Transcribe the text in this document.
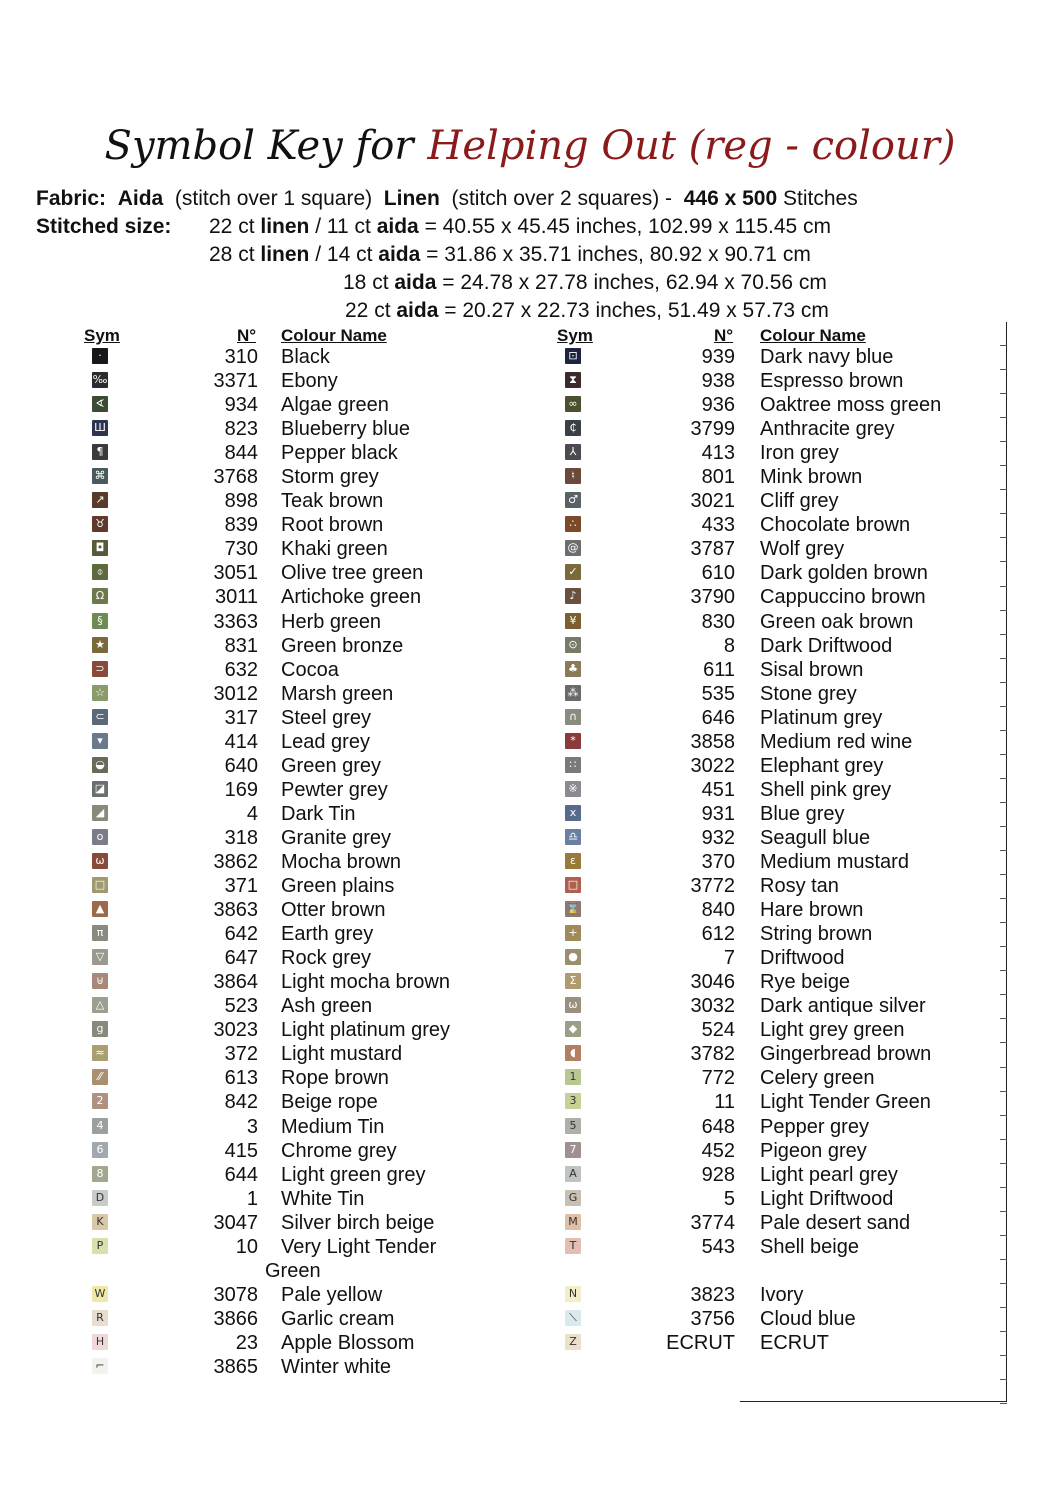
Symbol Key for Helping Out (reg - colour)
Fabric: Aida (stitch over 1 square) Linen (stitch over 2 squares) - 446 x 500 Stitches
Stitched size: 22 ct linen / 11 ct aida = 40.55 x 45.45 inches, 102.99 x 115.45 cm
28 ct linen / 14 ct aida = 31.86 x 35.71 inches, 80.92 x 90.71 cm
18 ct aida = 24.78 x 27.78 inches, 62.94 x 70.56 cm
22 ct aida = 20.27 x 22.73 inches, 51.49 x 57.73 cm
Sym	N° Colour Name	Sym	N° Colour Name
·	310 Black
‰	3371 Ebony
∢	934 Algae green
Ш	823 Blueberry blue
¶	844 Pepper black
⌘	3768 Storm grey
↗	898 Teak brown
♉	839 Root brown
◘	730 Khaki green
⌽	3051 Olive tree green
Ω	3011 Artichoke green
§	3363 Herb green
★	831 Green bronze
⊃	632 Cocoa
☆	3012 Marsh green
⊂	317 Steel grey
▾	414 Lead grey
◒	640 Green grey
◪	169 Pewter grey
◢	4 Dark Tin
o	318 Granite grey
ω	3862 Mocha brown
□	371 Green plains
▲	3863 Otter brown
π	642 Earth grey
▽	647 Rock grey
⊎	3864 Light mocha brown
△	523 Ash green
g	3023 Light platinum grey
≈	372 Light mustard
⁄⁄	613 Rope brown
2	842 Beige rope
4	3 Medium Tin
6	415 Chrome grey
8	644 Light green grey
D	1 White Tin
K	3047 Silver birch beige
P	10 Very Light Tender
Green
W	3078 Pale yellow
R	3866 Garlic cream
H	23 Apple Blossom
⌐	3865 Winter white
⊡	939 Dark navy blue
⧗	938 Espresso brown
∞	936 Oaktree moss green
₵	3799 Anthracite grey
⅄	413 Iron grey
♮	801 Mink brown
♂	3021 Cliff grey
∴	433 Chocolate brown
@	3787 Wolf grey
✓	610 Dark golden brown
♪	3790 Cappuccino brown
¥	830 Green oak brown
⊙	8 Dark Driftwood
♣	611 Sisal brown
⁂	535 Stone grey
∩	646 Platinum grey
*	3858 Medium red wine
∷	3022 Elephant grey
※	451 Shell pink grey
x	931 Blue grey
♎	932 Seagull blue
ε	370 Medium mustard
□	3772 Rosy tan
⌛	840 Hare brown
+	612 String brown
●	7 Driftwood
Σ	3046 Rye beige
ω	3032 Dark antique silver
◆	524 Light grey green
◖	3782 Gingerbread brown
1	772 Celery green
3	11 Light Tender Green
5	648 Pepper grey
7	452 Pigeon grey
A	928 Light pearl grey
G	5 Light Driftwood
M	3774 Pale desert sand
T	543 Shell beige
N	3823 Ivory
⟍	3756 Cloud blue
Z	ECRUT ECRUT
